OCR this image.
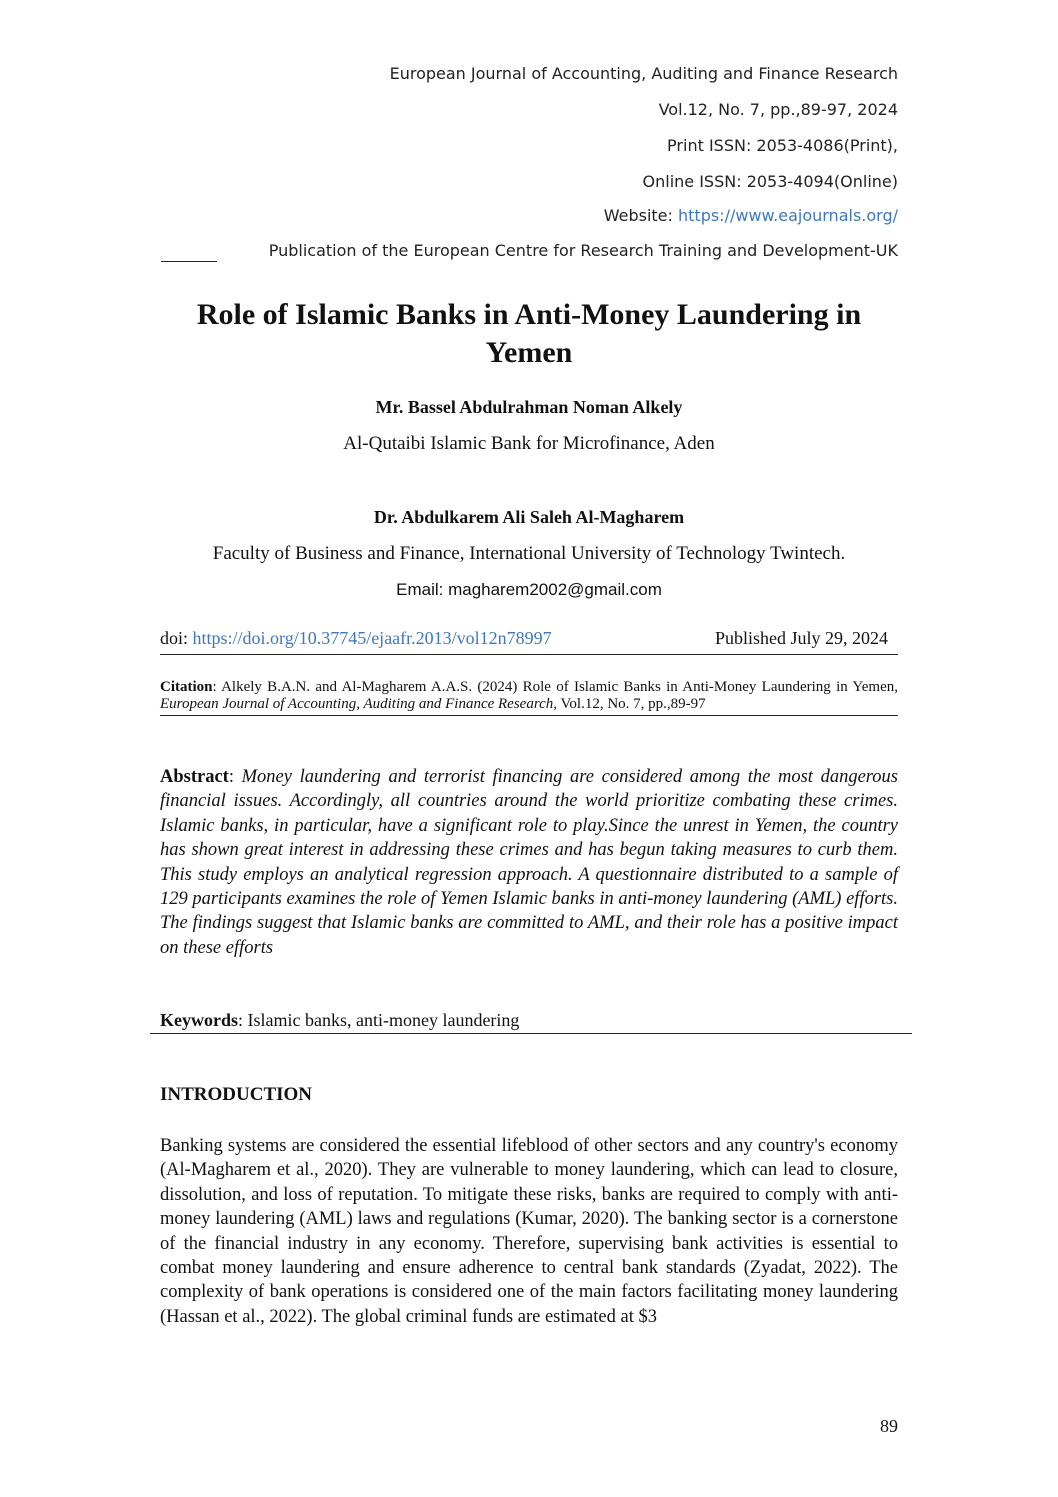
European Journal of Accounting, Auditing and Finance Research
Vol.12, No. 7, pp.,89-97, 2024
Print ISSN: 2053-4086(Print),
Online ISSN: 2053-4094(Online)
Website: https://www.eajournals.org/
Publication of the European Centre for Research Training and Development-UK
Role of Islamic Banks in Anti-Money Laundering in Yemen
Mr. Bassel Abdulrahman Noman Alkely
Al-Qutaibi Islamic Bank for Microfinance, Aden
Dr. Abdulkarem Ali Saleh Al-Magharem
Faculty of Business and Finance, International University of Technology Twintech.
Email: magharem2002@gmail.com
doi: https://doi.org/10.37745/ejaafr.2013/vol12n78997	Published July 29, 2024
Citation: Alkely B.A.N. and Al-Magharem A.A.S. (2024) Role of Islamic Banks in Anti-Money Laundering in Yemen, European Journal of Accounting, Auditing and Finance Research, Vol.12, No. 7, pp.,89-97
Abstract: Money laundering and terrorist financing are considered among the most dangerous financial issues. Accordingly, all countries around the world prioritize combating these crimes. Islamic banks, in particular, have a significant role to play.Since the unrest in Yemen, the country has shown great interest in addressing these crimes and has begun taking measures to curb them. This study employs an analytical regression approach. A questionnaire distributed to a sample of 129 participants examines the role of Yemen Islamic banks in anti-money laundering (AML) efforts. The findings suggest that Islamic banks are committed to AML, and their role has a positive impact on these efforts
Keywords: Islamic banks, anti-money laundering
INTRODUCTION
Banking systems are considered the essential lifeblood of other sectors and any country's economy (Al-Magharem et al., 2020). They are vulnerable to money laundering, which can lead to closure, dissolution, and loss of reputation. To mitigate these risks, banks are required to comply with anti-money laundering (AML) laws and regulations (Kumar, 2020). The banking sector is a cornerstone of the financial industry in any economy. Therefore, supervising bank activities is essential to combat money laundering and ensure adherence to central bank standards (Zyadat, 2022). The complexity of bank operations is considered one of the main factors facilitating money laundering (Hassan et al., 2022). The global criminal funds are estimated at $3
89
